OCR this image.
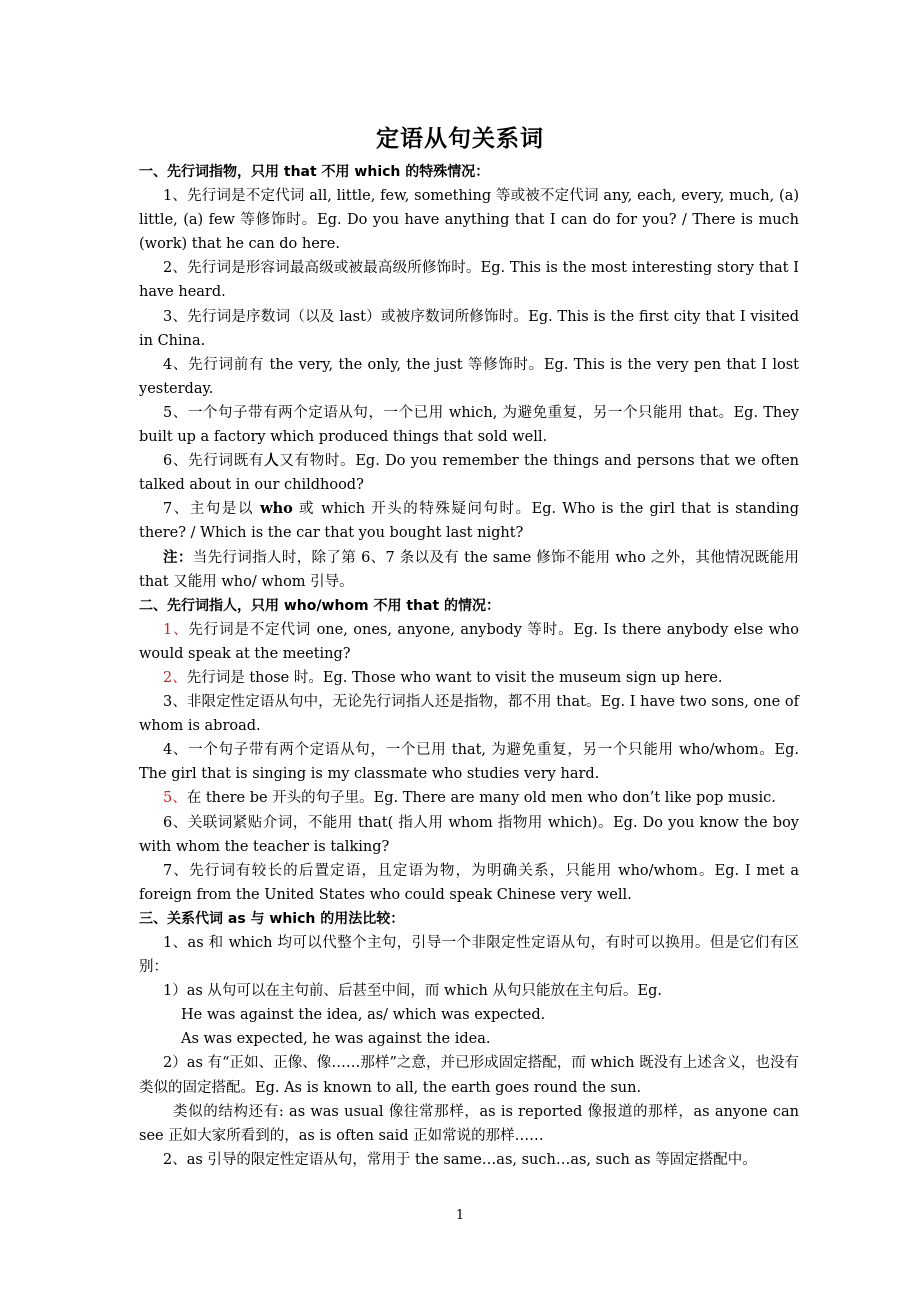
定语从句关系词

一、先行词指物，只用 that 不用 which 的特殊情况：

1、先行词是不定代词 all, little, few, something 等或被不定代词 any, each, every, much, (a) little, (a) few 等修饰时。Eg. Do you have anything that I can do for you? / There is much (work) that he can do here.

2、先行词是形容词最高级或被最高级所修饰时。Eg. This is the most interesting story that I have heard.

3、先行词是序数词（以及 last）或被序数词所修饰时。Eg. This is the first city that I visited in China.

4、先行词前有 the very, the only, the just 等修饰时。Eg. This is the very pen that I lost yesterday.

5、一个句子带有两个定语从句，一个已用 which, 为避免重复，另一个只能用 that。Eg. They built up a factory which produced things that sold well.

6、先行词既有人又有物时。Eg. Do you remember the things and persons that we often talked about in our childhood?

7、主句是以 who 或 which 开头的特殊疑问句时。Eg. Who is the girl that is standing there? / Which is the car that you bought last night?

注：当先行词指人时，除了第 6、7 条以及有 the same 修饰不能用 who 之外，其他情况既能用 that 又能用 who/ whom 引导。

二、先行词指人，只用 who/whom 不用 that 的情况：

1、先行词是不定代词 one, ones, anyone, anybody 等时。Eg. Is there anybody else who would speak at the meeting?

2、先行词是 those 时。Eg. Those who want to visit the museum sign up here.

3、非限定性定语从句中，无论先行词指人还是指物，都不用 that。Eg. I have two sons, one of whom is abroad.

4、一个句子带有两个定语从句，一个已用 that, 为避免重复，另一个只能用 who/whom。Eg. The girl that is singing is my classmate who studies very hard.

5、在 there be 开头的句子里。Eg. There are many old men who don’t like pop music.

6、关联词紧贴介词，不能用 that( 指人用 whom 指物用 which)。Eg. Do you know the boy with whom the teacher is talking?

7、先行词有较长的后置定语，且定语为物，为明确关系，只能用 who/whom。Eg. I met a foreign from the United States who could speak Chinese very well.

三、关系代词 as 与 which 的用法比较：

1、as 和 which 均可以代整个主句，引导一个非限定性定语从句，有时可以换用。但是它们有区别：

1）as 从句可以在主句前、后甚至中间，而 which 从句只能放在主句后。Eg.

He was against the idea, as/ which was expected.

As was expected, he was against the idea.

2）as 有“正如、正像、像……那样”之意，并已形成固定搭配，而 which 既没有上述含义，也没有类似的固定搭配。Eg. As is known to all, the earth goes round the sun.

类似的结构还有: as was usual 像往常那样，as is reported 像报道的那样，as anyone can see 正如大家所看到的，as is often said 正如常说的那样……

2、as 引导的限定性定语从句，常用于 the same…as, such…as, such as 等固定搭配中。

1
